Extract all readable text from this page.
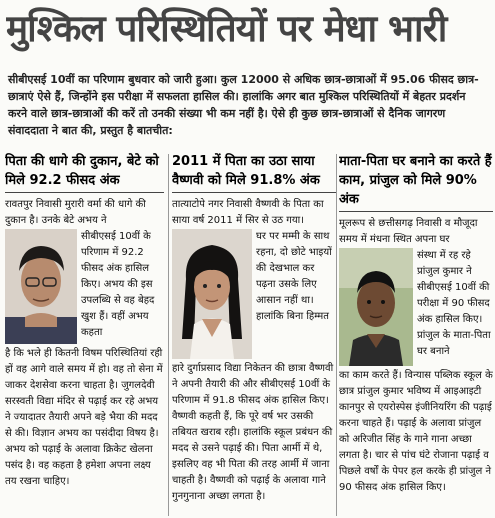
मुश्किल परिस्थितियों पर मेधा भारी
सीबीएसई 10वीं का परिणाम बुधवार को जारी हुआ। कुल 12000 से अधिक छात्र-छात्राओं में 95.06 फीसद छात्र-छात्राएं ऐसे हैं, जिन्होंने इस परीक्षा में सफलता हासिल की। हालांकि अगर बात मुश्किल परिस्थितियों में बेहतर प्रदर्शन करने वाले छात्र-छात्राओं की करें तो उनकी संख्या भी कम नहीं है। ऐसे ही कुछ छात्र-छात्राओं से दैनिक जागरण संवाददाता ने बात की, प्रस्तुत है बातचीत:
पिता की धागे की दुकान, बेटे को मिले 92.2 फीसद अंक

रावतपुर निवासी मुरारी वर्मा की धागे की दुकान है। उनके बेटे अभय ने

सीबीएसई 10वीं के परिणाम में 92.2 फीसद अंक हासिल किए। अभय की इस उपलब्धि से वह बेहद खुश हैं। वहीं अभय कहता

है कि भले ही कितनी विषम परिस्थितियां रही हों वह आगे वाले समय में हो। वह तो सेना में जाकर देशसेवा करना चाहता है। जुगलदेवी सरस्वती विद्या मंदिर से पढ़ाई कर रहे अभय ने ज्यादातर तैयारी अपने बड़े भैया की मदद से की। विज्ञान अभय का पसंदीदा विषय है। अभय को पढ़ाई के अलावा क्रिकेट खेलना पसंद है। वह कहता है हमेशा अपना लक्ष्य तय रखना चाहिए।

2011 में पिता का उठा साया वैष्णवी को मिले 91.8% अंक

तात्याटोपे नगर निवासी वैष्णवी के पिता का साया वर्ष 2011 में सिर से उठ गया।

घर पर मम्मी के साथ रहना, दो छोटे भाइयों की देखभाल कर पढ़ना उसके लिए आसान नहीं था। हालांकि बिना हिम्मत

हारे दुर्गाप्रसाद विद्या निकेतन की छात्रा वैष्णवी ने अपनी तैयारी की और सीबीएसई 10वीं के परिणाम में 91.8 फीसद अंक हासिल किए। वैष्णवी कहती हैं, कि पूरे वर्ष भर उसकी तबियत खराब रही। हालांकि स्कूल प्रबंधन की मदद से उसने पढ़ाई की। पिता आर्मी में थे, इसलिए वह भी पिता की तरह आर्मी में जाना चाहती है। वैष्णवी को पढ़ाई के अलावा गाने गुनगुनाना अच्छा लगता है।

माता-पिता घर बनाने का करते हैं काम, प्रांजुल को मिले 90% अंक

मूलरूप से छत्तीसगढ़ निवासी व मौजूदा समय में मंधना स्थित अपना घर

संस्था में रह रहे प्रांजुल कुमार ने सीबीएसई 10वीं की परीक्षा में 90 फीसद अंक हासिल किए। प्रांजुल के माता-पिता घर बनाने

का काम करते हैं। विन्यास पब्लिक स्कूल के छात्र प्रांजुल कुमार भविष्य में आइआइटी कानपुर से एयरोस्पेस इंजीनियरिंग की पढ़ाई करना चाहते हैं। पढ़ाई के अलावा प्रांजुल को अरिजीत सिंह के गाने गाना अच्छा लगता है। चार से पांच घंटे रोजाना पढ़ाई व पिछले वर्षों के पेपर हल करके ही प्रांजुल ने 90 फीसद अंक हासिल किए।
